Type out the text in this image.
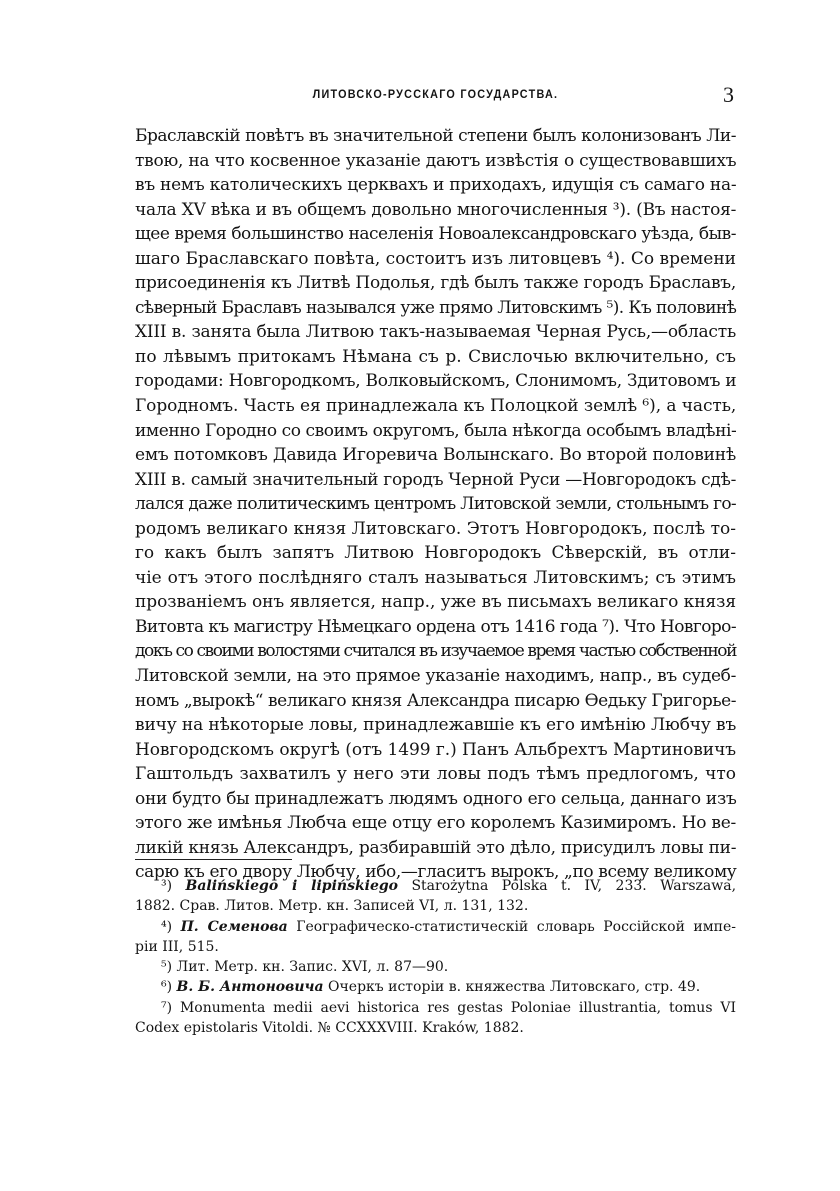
ЛИТОВСКО-РУССКАГО ГОСУДАРСТВА.	3
Браславскій повѣтъ въ значительной степени былъ колонизованъ Ли-
твою, на что косвенное указаніе даютъ извѣстія о существовавшихъ
въ немъ католическихъ церквахъ и приходахъ, идущія съ самаго на-
чала XV вѣка и въ общемъ довольно многочисленныя ³). (Въ настоя-
щее время большинство населенія Новоалександровскаго уѣзда, быв-
шаго Браславскаго повѣта, состоитъ изъ литовцевъ ⁴). Со времени
присоединенія къ Литвѣ Подолья, гдѣ былъ также городъ Браславъ,
сѣверный Браславъ назывался уже прямо Литовскимъ ⁵). Къ половинѣ
XIII в. занята была Литвою такъ-называемая Черная Русь,—область
по лѣвымъ притокамъ Нѣмана съ р. Свислочью включительно, съ
городами: Новгородкомъ, Волковыйскомъ, Слонимомъ, Здитовомъ и
Городномъ. Часть ея принадлежала къ Полоцкой землѣ ⁶), а часть,
именно Городно со своимъ округомъ, была нѣкогда особымъ владѣні-
емъ потомковъ Давида Игоревича Волынскаго. Во второй половинѣ
XIII в. самый значительный городъ Черной Руси —Новгородокъ сдѣ-
лался даже политическимъ центромъ Литовской земли, стольнымъ го-
родомъ великаго князя Литовскаго. Этотъ Новгородокъ, послѣ то-
го какъ былъ запятъ Литвою Новгородокъ Сѣверскій, въ отли-
чіе отъ этого послѣдняго сталъ называться Литовскимъ; съ этимъ
прозваніемъ онъ является, напр., уже въ письмахъ великаго князя
Витовта къ магистру Нѣмецкаго ордена отъ 1416 года ⁷). Что Новгоро-
докъ со своими волостями считался въ изучаемое время частью собственной
Литовской земли, на это прямое указаніе находимъ, напр., въ судеб-
номъ „вырокѣ“ великаго князя Александра писарю Өедьку Григорье-
вичу на нѣкоторые ловы, принадлежавшіе къ его имѣнію Любчу въ
Новгородскомъ округѣ (отъ 1499 г.) Панъ Альбрехтъ Мартиновичъ
Гаштольдъ захватилъ у него эти ловы подъ тѣмъ предлогомъ, что
они будто бы принадлежатъ людямъ одного его сельца, даннаго изъ
этого же имѣнья Любча еще отцу его королемъ Казимиромъ. Но ве-
ликій князь Александръ, разбиравшій это дѣло, присудилъ ловы пи-
сарю къ его двору Любчу, ибо,—гласитъ вырокъ, „по всему великому
³) Balińskiego i lipińskiego Starożytna Polska t. IV, 233. Warszawa,
1882. Срав. Литов. Метр. кн. Записей VI, л. 131, 132.
⁴) П. Семенова Географическо-статистическій словарь Россійской импе-
ріи III, 515.
⁵) Лит. Метр. кн. Запис. XVI, л. 87—90.
⁶) В. Б. Антоновича Очеркъ исторіи в. княжества Литовскаго, стр. 49.
⁷) Monumenta medii aevi historica res gestas Poloniae illustrantia, tomus VI
Codex epistolaris Vitoldi. № CCXXXVIII. Kraków, 1882.
